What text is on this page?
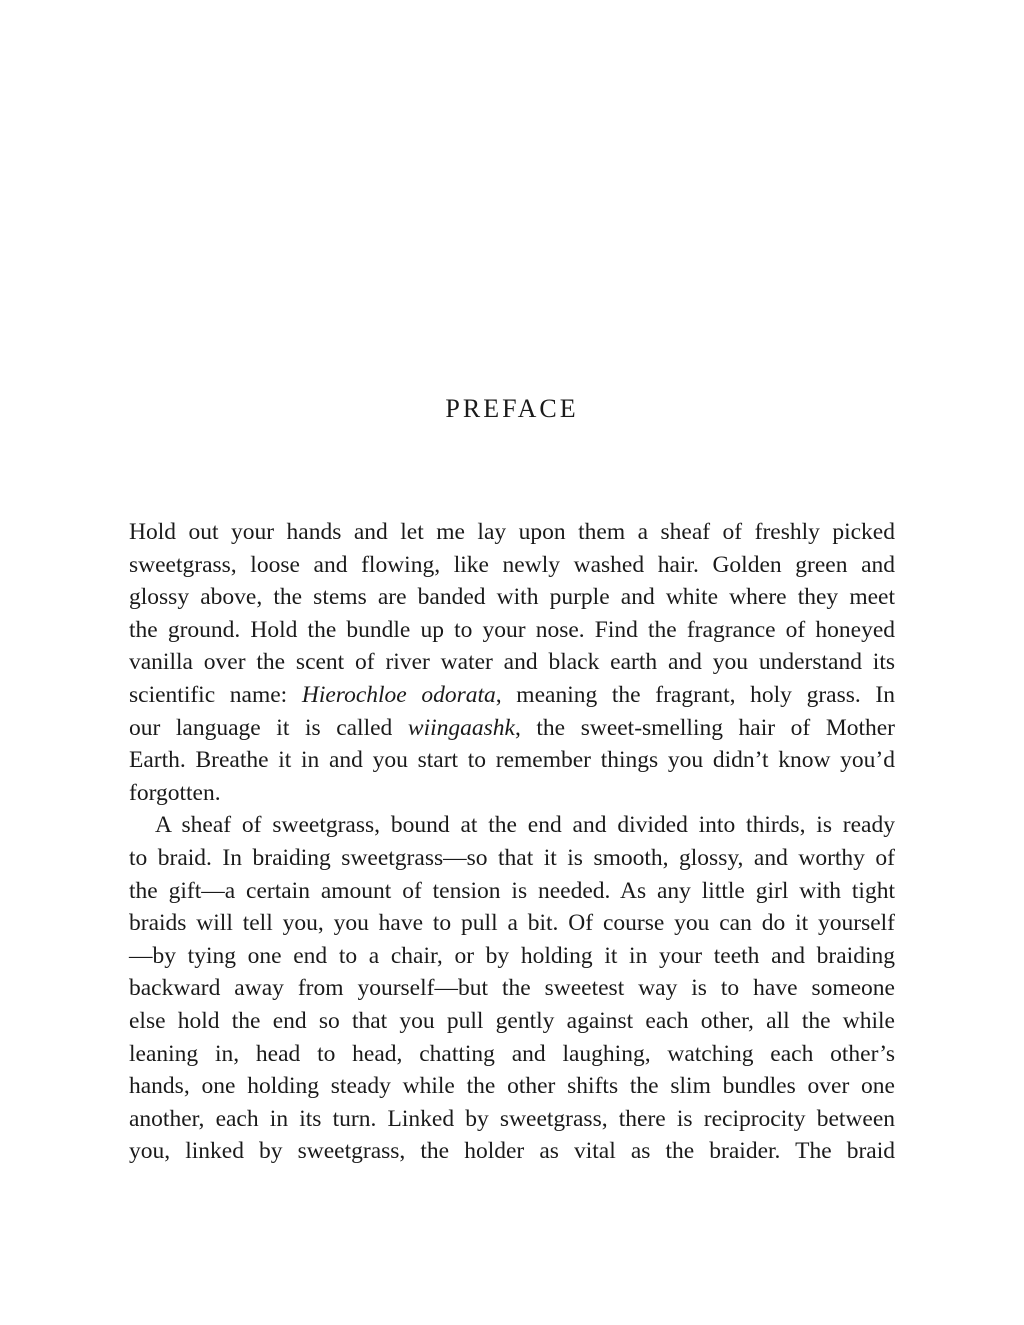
PREFACE
Hold out your hands and let me lay upon them a sheaf of freshly picked
sweetgrass, loose and flowing, like newly washed hair. Golden green and
glossy above, the stems are banded with purple and white where they meet
the ground. Hold the bundle up to your nose. Find the fragrance of honeyed
vanilla over the scent of river water and black earth and you understand its
scientific name: Hierochloe odorata, meaning the fragrant, holy grass. In
our language it is called wiingaashk, the sweet-smelling hair of Mother
Earth. Breathe it in and you start to remember things you didn’t know you’d
forgotten.
A sheaf of sweetgrass, bound at the end and divided into thirds, is ready
to braid. In braiding sweetgrass—so that it is smooth, glossy, and worthy of
the gift—a certain amount of tension is needed. As any little girl with tight
braids will tell you, you have to pull a bit. Of course you can do it yourself
—by tying one end to a chair, or by holding it in your teeth and braiding
backward away from yourself—but the sweetest way is to have someone
else hold the end so that you pull gently against each other, all the while
leaning in, head to head, chatting and laughing, watching each other’s
hands, one holding steady while the other shifts the slim bundles over one
another, each in its turn. Linked by sweetgrass, there is reciprocity between
you, linked by sweetgrass, the holder as vital as the braider. The braid
